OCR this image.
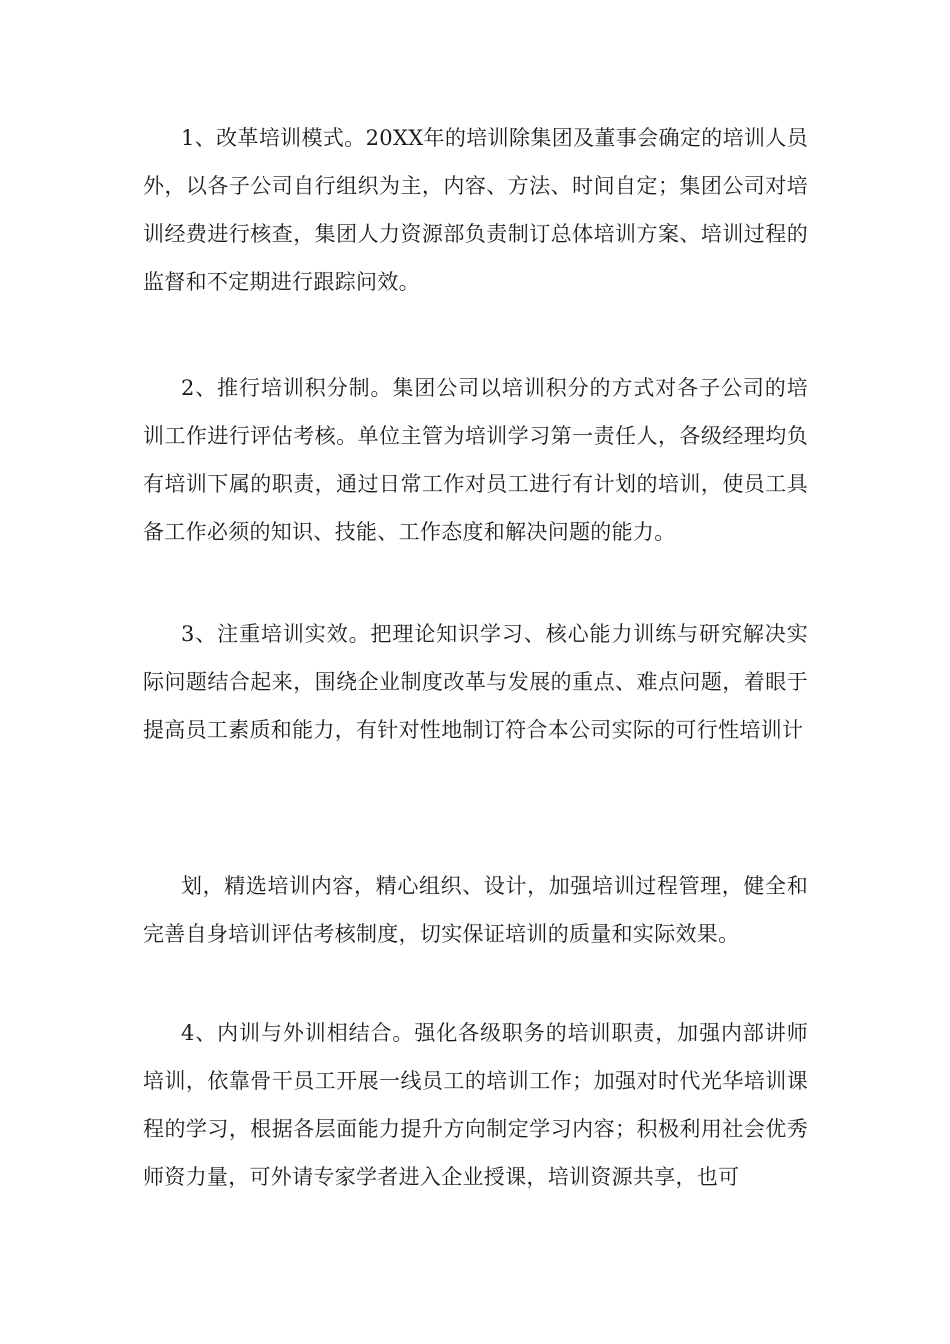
1、改革培训模式。20XX年的培训除集团及董事会确定的培训人员外，以各子公司自行组织为主，内容、方法、时间自定；集团公司对培训经费进行核查，集团人力资源部负责制订总体培训方案、培训过程的监督和不定期进行跟踪问效。

2、推行培训积分制。集团公司以培训积分的方式对各子公司的培训工作进行评估考核。单位主管为培训学习第一责任人，各级经理均负有培训下属的职责，通过日常工作对员工进行有计划的培训，使员工具备工作必须的知识、技能、工作态度和解决问题的能力。

3、注重培训实效。把理论知识学习、核心能力训练与研究解决实际问题结合起来，围绕企业制度改革与发展的重点、难点问题，着眼于提高员工素质和能力，有针对性地制订符合本公司实际的可行性培训计

划，精选培训内容，精心组织、设计，加强培训过程管理，健全和完善自身培训评估考核制度，切实保证培训的质量和实际效果。

4、内训与外训相结合。强化各级职务的培训职责，加强内部讲师培训，依靠骨干员工开展一线员工的培训工作；加强对时代光华培训课程的学习，根据各层面能力提升方向制定学习内容；积极利用社会优秀师资力量，可外请专家学者进入企业授课，培训资源共享，也可
